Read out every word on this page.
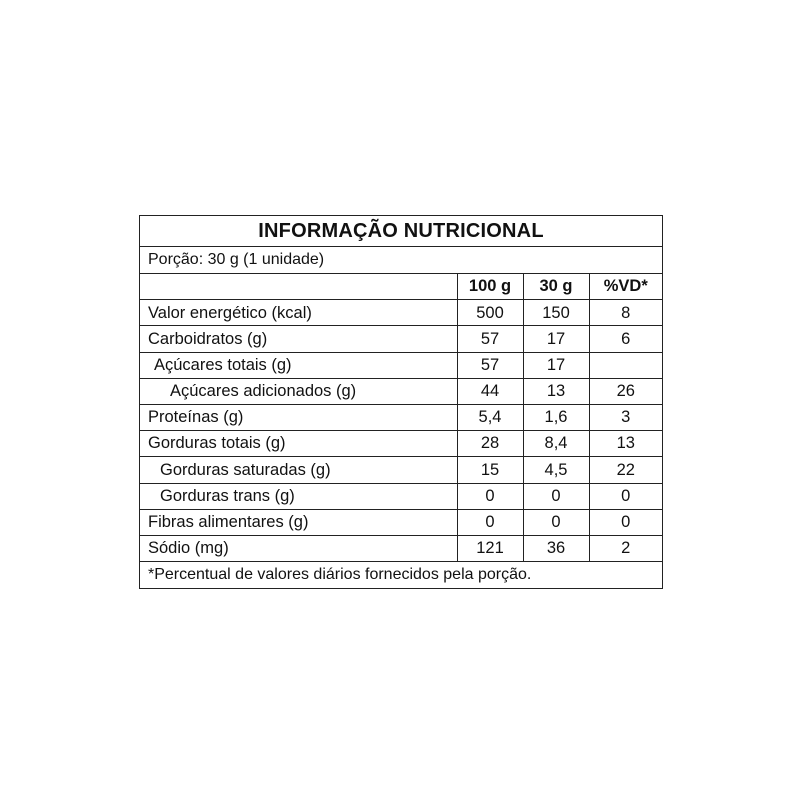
INFORMAÇÃO NUTRICIONAL
Porção: 30 g (1 unidade)
	100 g	30 g	%VD*
Valor energético (kcal)	500	150	8
Carboidratos (g)	57	17	6
Açúcares totais (g)	57	17	
Açúcares adicionados (g)	44	13	26
Proteínas (g)	5,4	1,6	3
Gorduras totais (g)	28	8,4	13
Gorduras saturadas (g)	15	4,5	22
Gorduras trans (g)	0	0	0
Fibras alimentares (g)	0	0	0
Sódio (mg)	121	36	2
*Percentual de valores diários fornecidos pela porção.
